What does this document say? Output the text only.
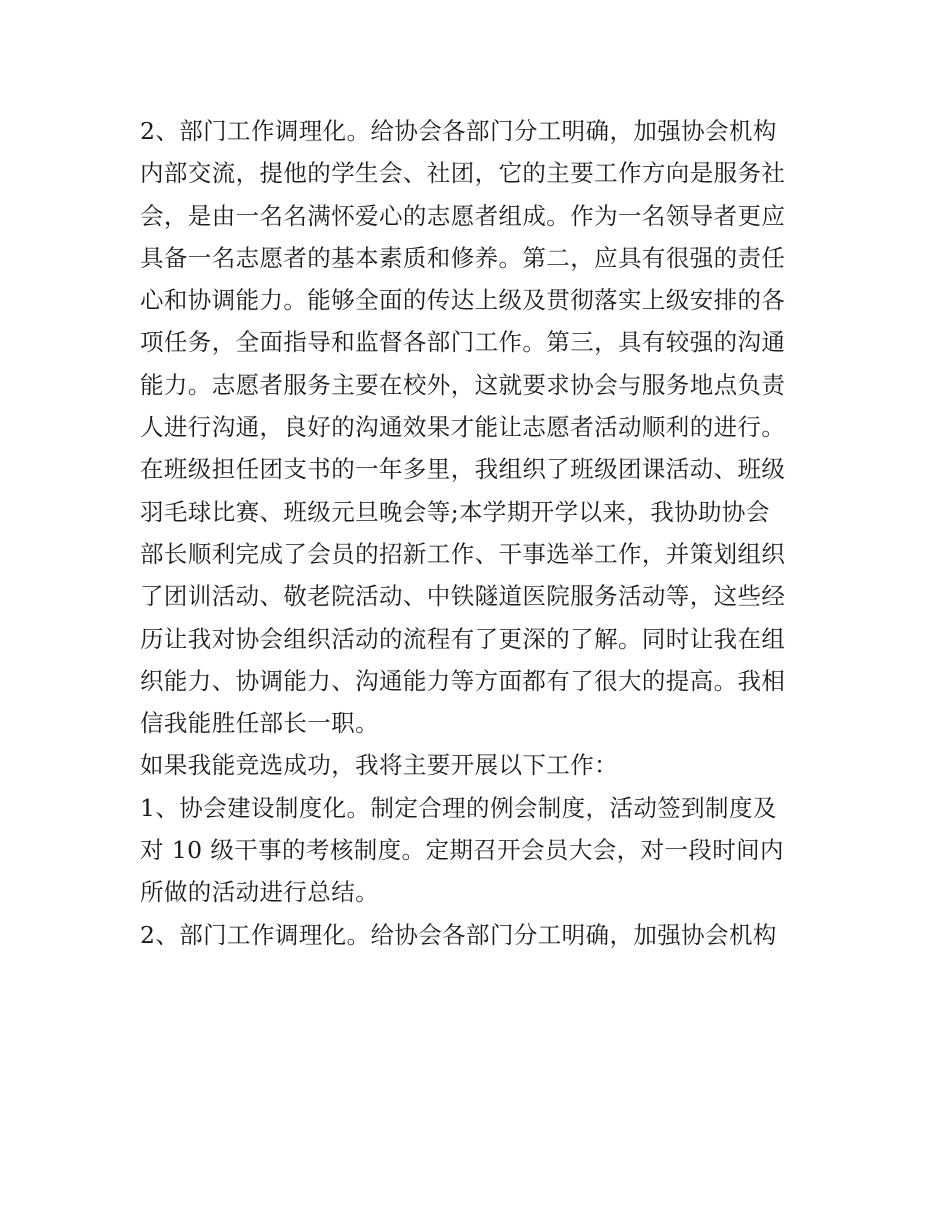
2、部门工作调理化。给协会各部门分工明确，加强协会机构
内部交流，提他的学生会、社团，它的主要工作方向是服务社
会，是由一名名满怀爱心的志愿者组成。作为一名领导者更应
具备一名志愿者的基本素质和修养。第二，应具有很强的责任
心和协调能力。能够全面的传达上级及贯彻落实上级安排的各
项任务，全面指导和监督各部门工作。第三，具有较强的沟通
能力。志愿者服务主要在校外，这就要求协会与服务地点负责
人进行沟通，良好的沟通效果才能让志愿者活动顺利的进行。
在班级担任团支书的一年多里，我组织了班级团课活动、班级
羽毛球比赛、班级元旦晚会等;本学期开学以来，我协助协会
部长顺利完成了会员的招新工作、干事选举工作，并策划组织
了团训活动、敬老院活动、中铁隧道医院服务活动等，这些经
历让我对协会组织活动的流程有了更深的了解。同时让我在组
织能力、协调能力、沟通能力等方面都有了很大的提高。我相
信我能胜任部长一职。
如果我能竞选成功，我将主要开展以下工作：
1、协会建设制度化。制定合理的例会制度，活动签到制度及
对 10 级干事的考核制度。定期召开会员大会，对一段时间内
所做的活动进行总结。
2、部门工作调理化。给协会各部门分工明确，加强协会机构
